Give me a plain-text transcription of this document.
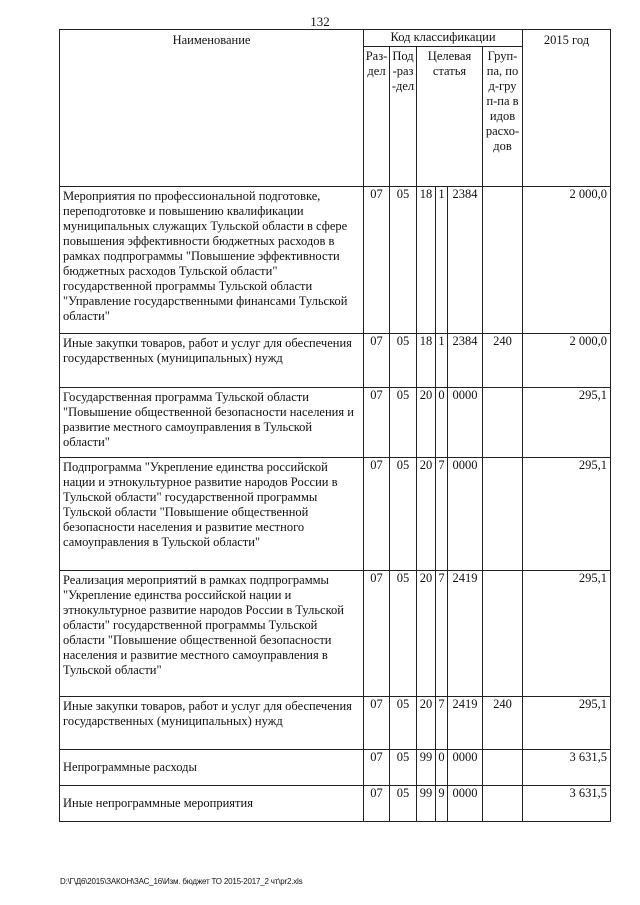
132
Наименование	Код классификации						2015 год

	Раз-дел	Под-раз-дел	Целевая статья			Груп-па, под-груп-па видов расхо-дов	

Мероприятия по профессиональной подготовке, переподготовке и повышению квалификации муниципальных служащих Тульской области в сфере повышения эффективности бюджетных расходов в рамках подпрограммы "Повышение эффективности бюджетных расходов Тульской области" государственной программы Тульской области "Управление государственными финансами Тульской области"	07	05	18	1	2384		2 000,0
Иные закупки товаров, работ и услуг для обеспечения государственных (муниципальных) нужд	07	05	18	1	2384	240	2 000,0
Государственная программа Тульской области "Повышение общественной безопасности населения и развитие местного самоуправления в Тульской области"	07	05	20	0	0000		295,1
Подпрограмма "Укрепление единства российской нации и этнокультурное развитие народов России в Тульской области" государственной программы Тульской области "Повышение общественной безопасности населения и развитие местного самоуправления в Тульской области"	07	05	20	7	0000		295,1
Реализация мероприятий в рамках подпрограммы "Укрепление единства российской нации и этнокультурное развитие народов России в Тульской области" государственной программы Тульской области "Повышение общественной безопасности населения и развитие местного самоуправления в Тульской области"	07	05	20	7	2419		295,1
Иные закупки товаров, работ и услуг для обеспечения государственных (муниципальных) нужд	07	05	20	7	2419	240	295,1
Непрограммные расходы	07	05	99	0	0000		3 631,5
Иные непрограммные мероприятия	07	05	99	9	0000		3 631,5
D:\Г\Д6\2015\ЗАКОН\ЗАС_16\Изм. бюджет ТО 2015-2017_2 чт\pr2.xls
